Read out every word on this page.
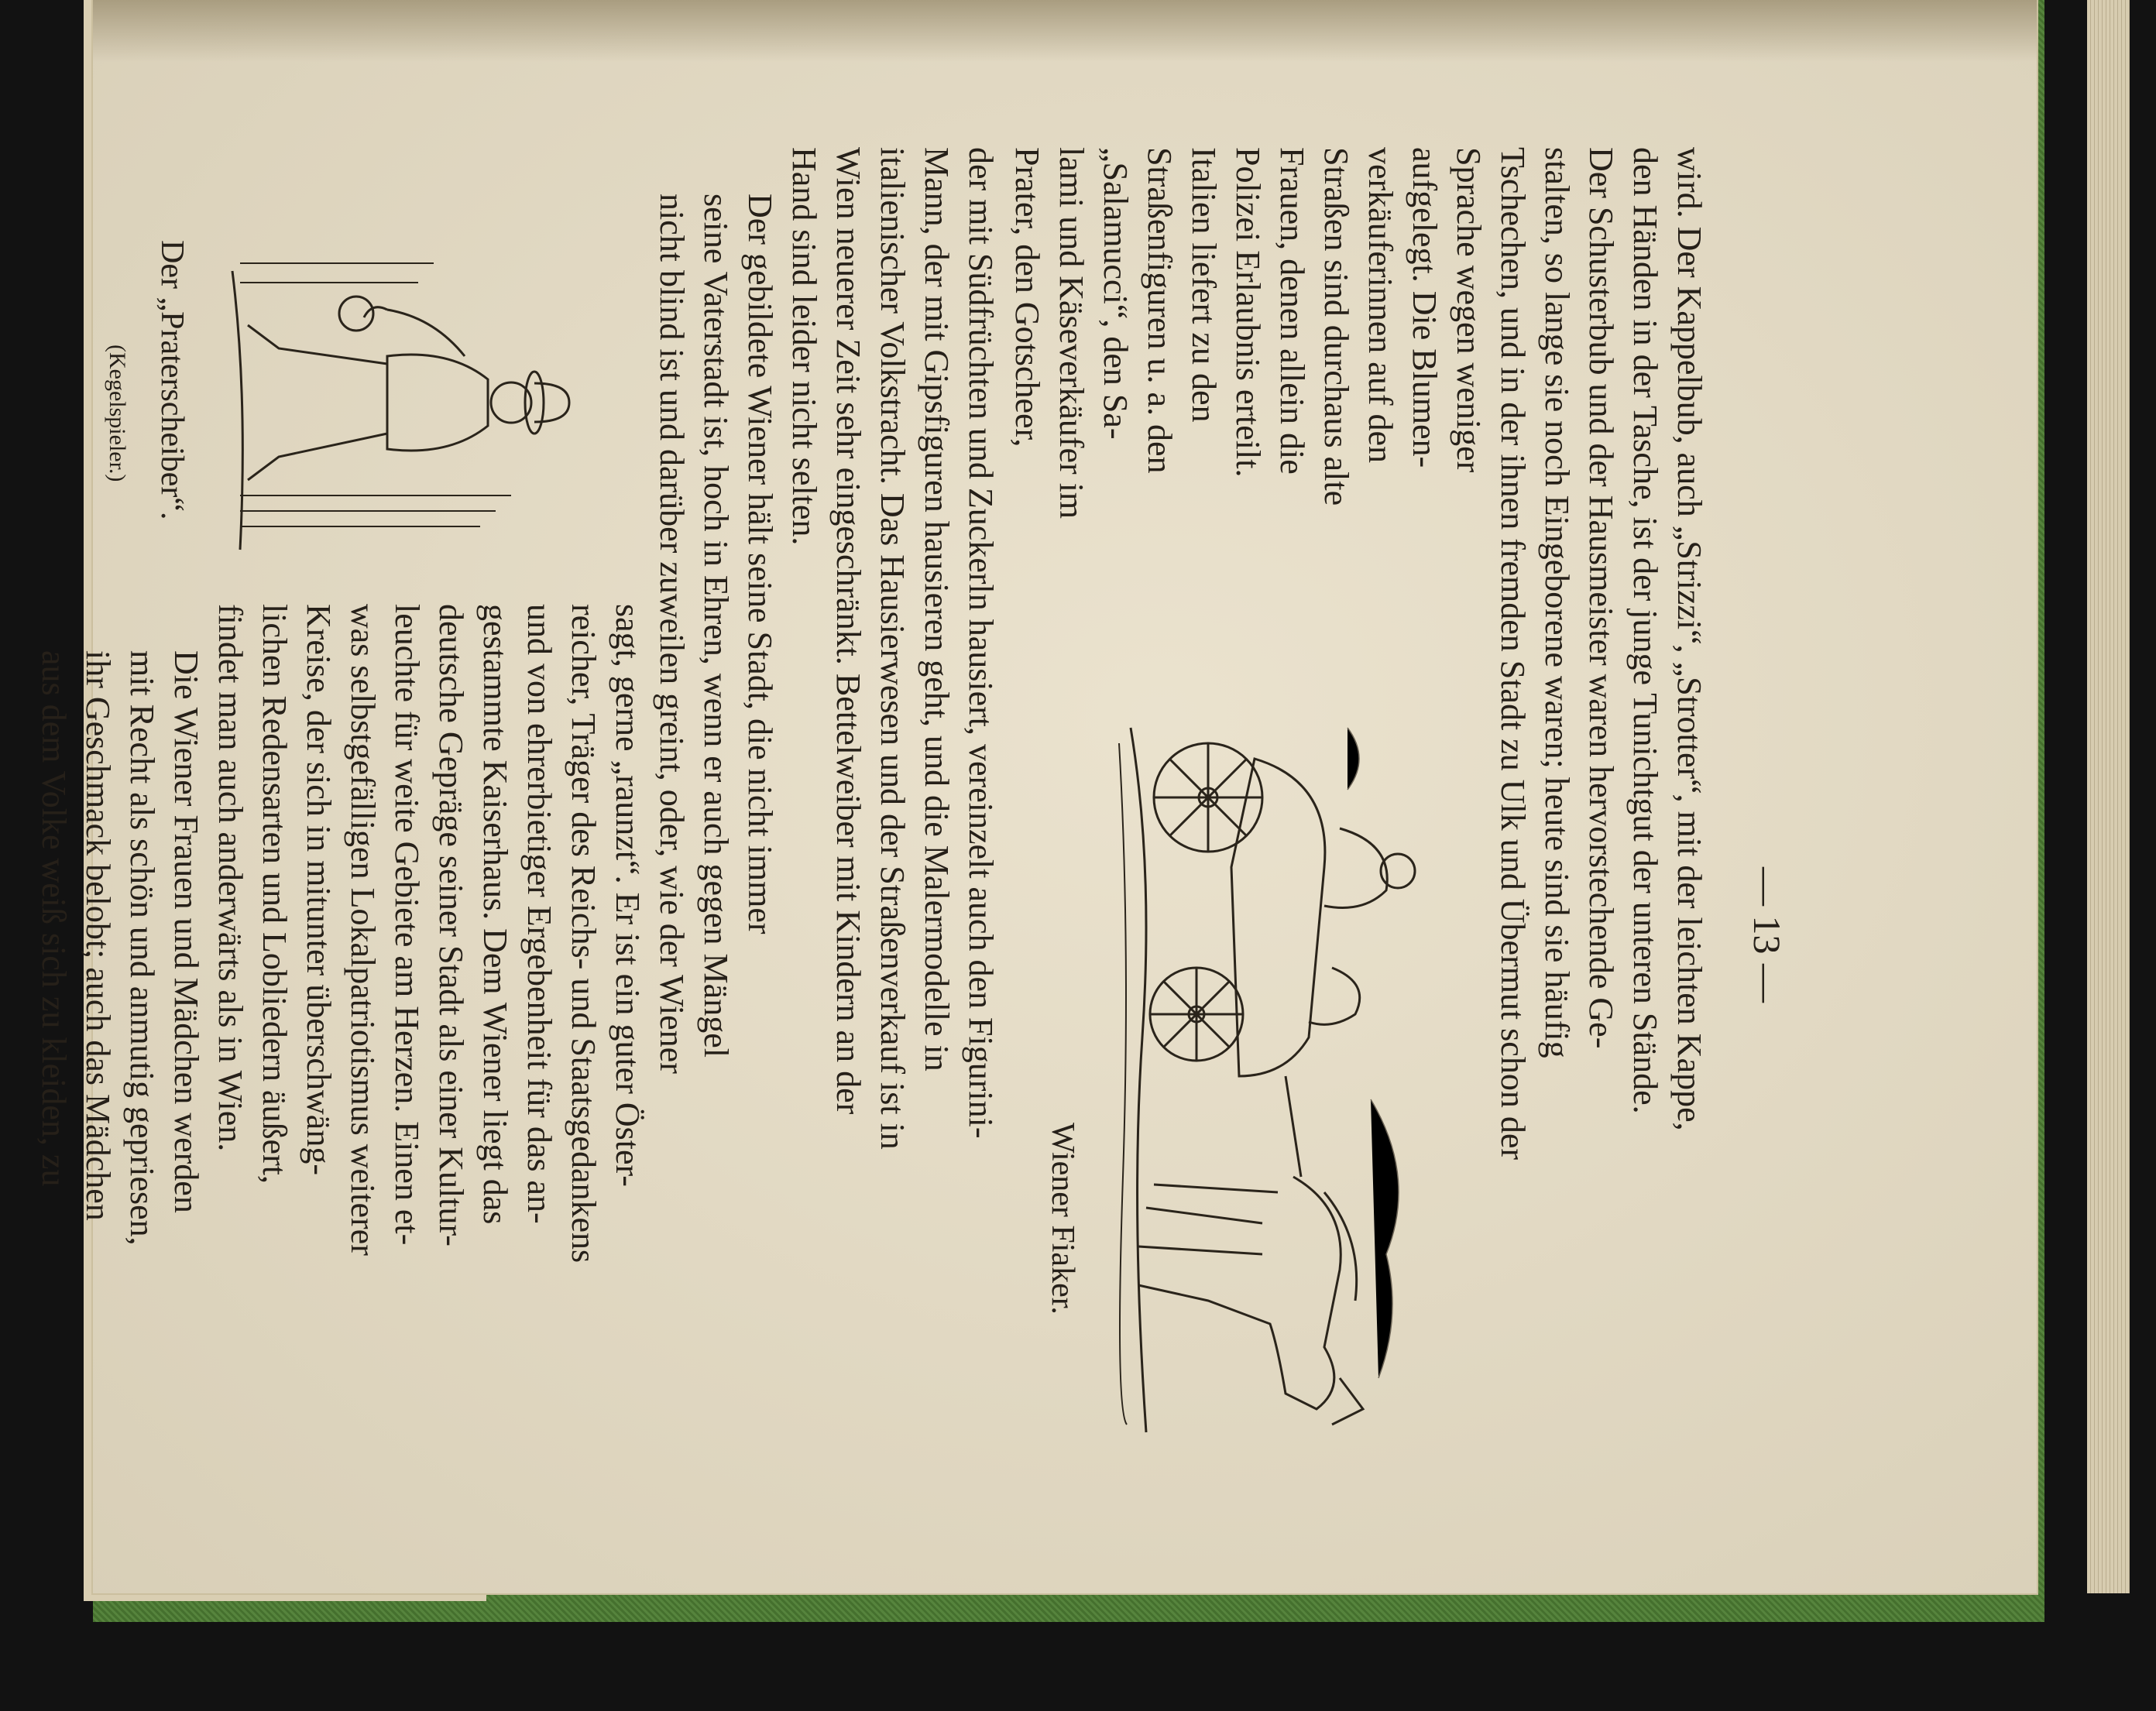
— 13 —
wird. Der Kappelbub, auch „Strizzi“, „Strotter“, mit der leichten Kappe,
den Händen in der Tasche, ist der junge Tunichtgut der unteren Stände.
Der Schusterbub und der Hausmeister waren hervorstechende Ge-
stalten, so lange sie noch Eingeborene waren; heute sind sie häufig
Tschechen, und in der ihnen fremden Stadt zu Ulk und Übermut schon der
Sprache wegen weniger
aufgelegt. Die Blumen-
verkäuferinnen auf den
Straßen sind durchaus alte
Frauen, denen allein die
Polizei Erlaubnis erteilt.
Italien liefert zu den
Straßenfiguren u. a. den
„Salamucci“, den Sa-
lami und Käseverkäufer im
Prater, den Gotscheer,
Wiener Fiaker.
der mit Südfrüchten und Zuckerln hausiert, vereinzelt auch den Figurini-
Mann, der mit Gipsfiguren hausieren geht, und die Malermodelle in
italienischer Volkstracht. Das Hausierwesen und der Straßenverkauf ist in
Wien neuerer Zeit sehr eingeschränkt. Bettelweiber mit Kindern an der
Hand sind leider nicht selten.
Der gebildete Wiener hält seine Stadt, die nicht immer
seine Vaterstadt ist, hoch in Ehren, wenn er auch gegen Mängel
nicht blind ist und darüber zuweilen greint, oder, wie der Wiener
sagt, gerne „raunzt“. Er ist ein guter Öster-
reicher, Träger des Reichs- und Staatsgedankens
und von ehrerbietiger Ergebenheit für das an-
gestammte Kaiserhaus. Dem Wiener liegt das
deutsche Gepräge seiner Stadt als einer Kultur-
leuchte für weite Gebiete am Herzen. Einen et-
was selbstgefälligen Lokalpatriotismus weiterer
Kreise, der sich in mitunter überschwäng-
lichen Redensarten und Lobliedern äußert,
findet man auch anderwärts als in Wien.
Die Wiener Frauen und Mädchen werden
mit Recht als schön und anmutig gepriesen,
ihr Geschmack belobt; auch das Mädchen
aus dem Volke weiß sich zu kleiden, zu
Der „Praterscheiber“.
(Kegelspieler.)
